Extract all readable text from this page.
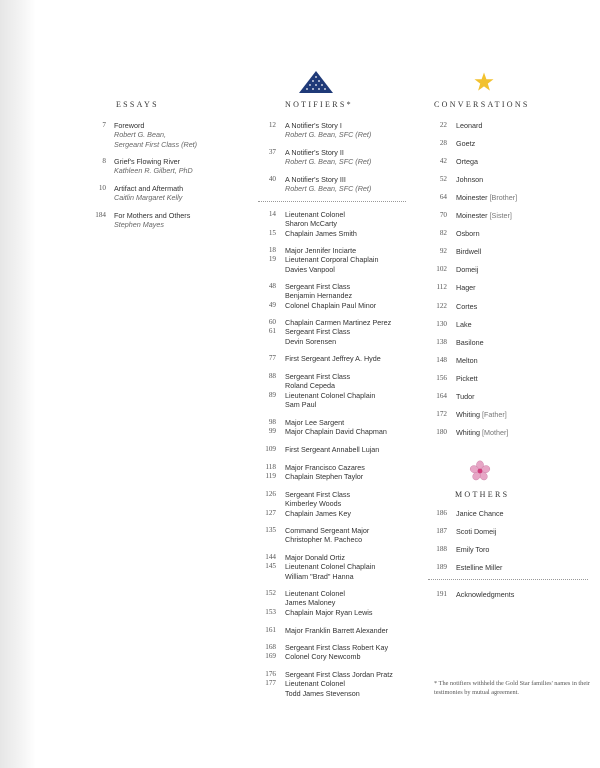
ESSAYS
7 Foreword
Robert G. Bean,
Sergeant First Class (Ret)
8 Grief's Flowing River
Kathleen R. Gilbert, PhD
10 Artifact and Aftermath
Caitlin Margaret Kelly
184 For Mothers and Others
Stephen Mayes
NOTIFIERS*
12 A Notifier's Story I
Robert G. Bean, SFC (Ret)
37 A Notifier's Story II
Robert G. Bean, SFC (Ret)
40 A Notifier's Story III
Robert G. Bean, SFC (Ret)
14
15
Lieutenant Colonel
Sharon McCarty
Chaplain James Smith
18
19
Major Jennifer Inciarte
Lieutenant Corporal Chaplain
Davies Vanpool
48
49
Sergeant First Class
Benjamin Hernandez
Colonel Chaplain Paul Minor
60
61
Chaplain Carmen Martinez Perez
Sergeant First Class
Devin Sorensen
77 First Sergeant Jeffrey A. Hyde
88
89
Sergeant First Class
Roland Cepeda
Lieutenant Colonel Chaplain
Sam Paul
98
99
Major Lee Sargent
Major Chaplain David Chapman
109 First Sergeant Annabell Lujan
118
119
Major Francisco Cazares
Chaplain Stephen Taylor
126
127
Sergeant First Class
Kimberley Woods
Chaplain James Key
135 Command Sergeant Major
Christopher M. Pacheco
144
145
Major Donald Ortiz
Lieutenant Colonel Chaplain
William "Brad" Hanna
152
153
Lieutenant Colonel
James Maloney
Chaplain Major Ryan Lewis
161 Major Franklin Barrett Alexander
168
169
Sergeant First Class Robert Kay
Colonel Cory Newcomb
176
177
Sergeant First Class Jordan Pratz
Lieutenant Colonel
Todd James Stevenson
CONVERSATIONS
22 Leonard
28 Goetz
42 Ortega
52 Johnson
64 Moinester [Brother]
70 Moinester [Sister]
82 Osborn
92 Birdwell
102 Domeij
112 Hager
122 Cortes
130 Lake
138 Basilone
148 Melton
156 Pickett
164 Tudor
172 Whiting [Father]
180 Whiting [Mother]
MOTHERS
186 Janice Chance
187 Scoti Domeij
188 Emily Toro
189 Estelline Miller
191 Acknowledgments
* The notifiers withheld the Gold Star families' names in their testimonies by mutual agreement.
